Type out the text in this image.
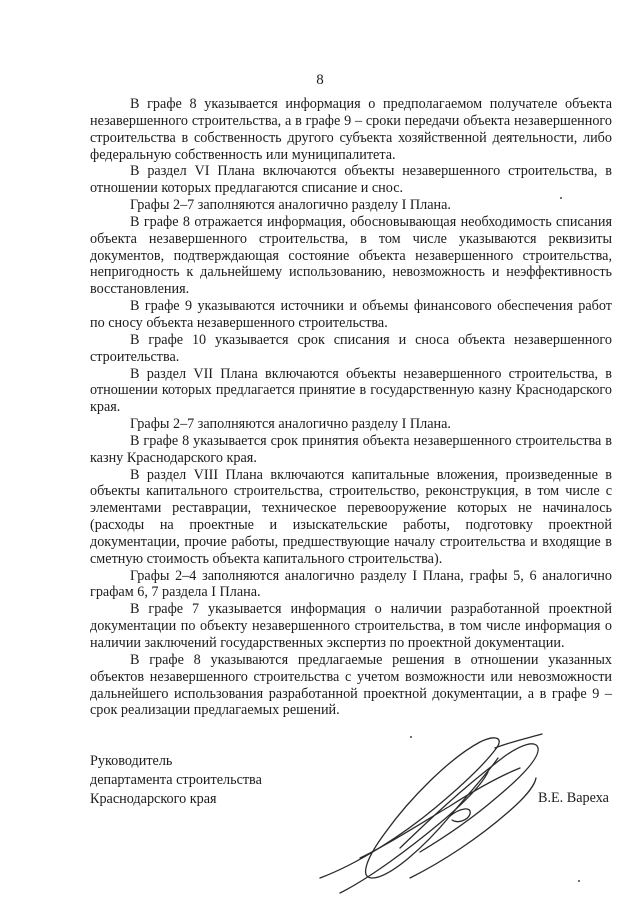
8

В графе 8 указывается информация о предполагаемом получателе объекта незавершенного строительства, а в графе 9 – сроки передачи объекта незавершенного строительства в собственность другого субъекта хозяйственной деятельности, либо федеральную собственность или муниципалитета.

В раздел VI Плана включаются объекты незавершенного строительства, в отношении которых предлагаются списание и снос.

Графы 2–7 заполняются аналогично разделу I Плана.

В графе 8 отражается информация, обосновывающая необходимость списания объекта незавершенного строительства, в том числе указываются реквизиты документов, подтверждающая состояние объекта незавершенного строительства, непригодность к дальнейшему использованию, невозможность и неэффективность восстановления.

В графе 9 указываются источники и объемы финансового обеспечения работ по сносу объекта незавершенного строительства.

В графе 10 указывается срок списания и сноса объекта незавершенного строительства.

В раздел VII Плана включаются объекты незавершенного строительства, в отношении которых предлагается принятие в государственную казну Краснодарского края.

Графы 2–7 заполняются аналогично разделу I Плана.

В графе 8 указывается срок принятия объекта незавершенного строительства в казну Краснодарского края.

В раздел VIII Плана включаются капитальные вложения, произведенные в объекты капитального строительства, строительство, реконструкция, в том числе с элементами реставрации, техническое перевооружение которых не начиналось (расходы на проектные и изыскательские работы, подготовку проектной документации, прочие работы, предшествующие началу строительства и входящие в сметную стоимость объекта капитального строительства).

Графы 2–4 заполняются аналогично разделу I Плана, графы 5, 6 аналогично графам 6, 7 раздела I Плана.

В графе 7 указывается информация о наличии разработанной проектной документации по объекту незавершенного строительства, в том числе информация о наличии заключений государственных экспертиз по проектной документации.

В графе 8 указываются предлагаемые решения в отношении указанных объектов незавершенного строительства с учетом возможности или невозможности дальнейшего использования разработанной проектной документации, а в графе 9 – срок реализации предлагаемых решений.

Руководитель
департамента строительства
Краснодарского края	В.Е. Вареха
